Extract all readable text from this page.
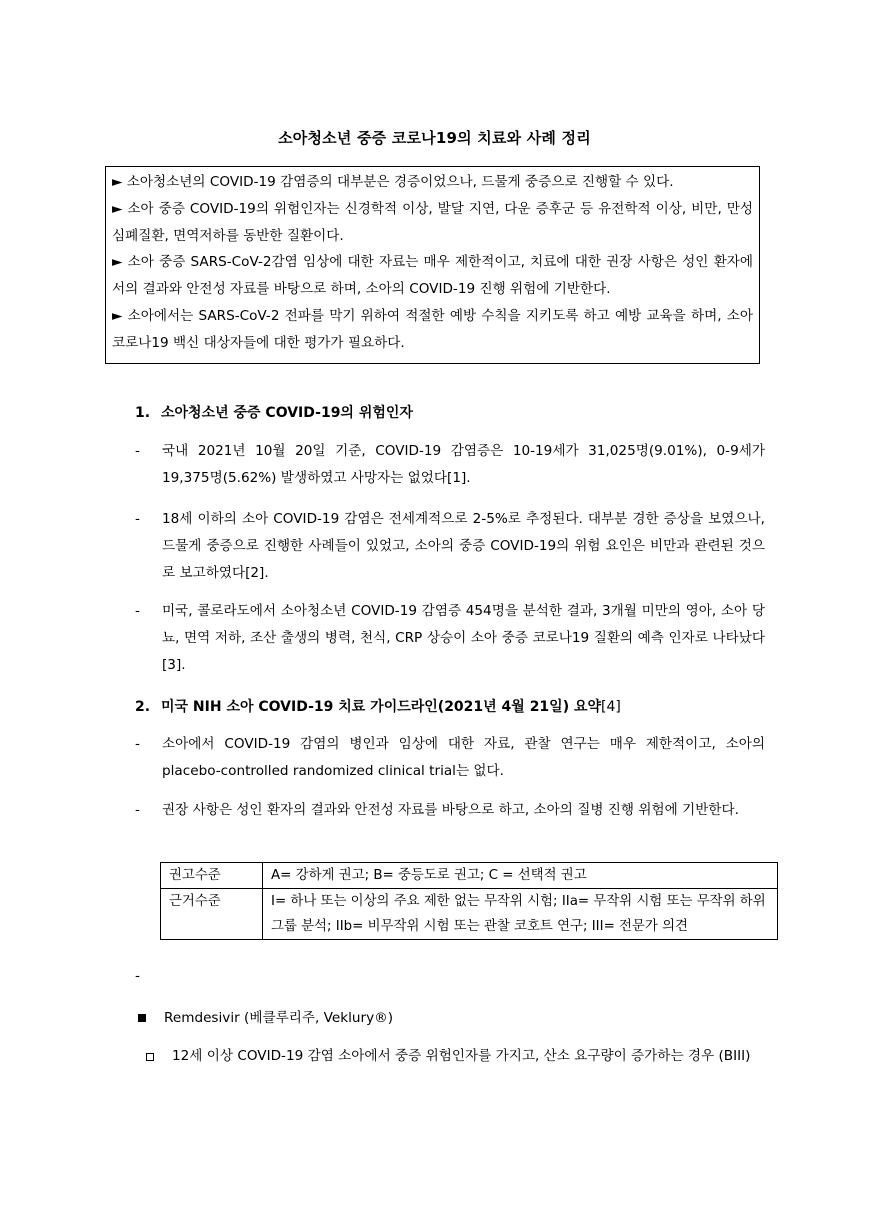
소아청소년 중증 코로나19의 치료와 사례 정리

► 소아청소년의 COVID-19 감염증의 대부분은 경증이었으나, 드물게 중증으로 진행할 수 있다.

► 소아 중증 COVID-19의 위험인자는 신경학적 이상, 발달 지연, 다운 증후군 등 유전학적 이상, 비만, 만성 심폐질환, 면역저하를 동반한 질환이다.

► 소아 중증 SARS-CoV-2감염 임상에 대한 자료는 매우 제한적이고, 치료에 대한 권장 사항은 성인 환자에서의 결과와 안전성 자료를 바탕으로 하며, 소아의 COVID-19 진행 위험에 기반한다.

► 소아에서는 SARS-CoV-2 전파를 막기 위하여 적절한 예방 수칙을 지키도록 하고 예방 교육을 하며, 소아 코로나19 백신 대상자들에 대한 평가가 필요하다.

1. 소아청소년 중증 COVID-19의 위험인자
-	국내 2021년 10월 20일 기준, COVID-19 감염증은 10-19세가 31,025명(9.01%), 0-9세가 19,375명(5.62%) 발생하였고 사망자는 없었다[1].
-	18세 이하의 소아 COVID-19 감염은 전세계적으로 2-5%로 추정된다. 대부분 경한 증상을 보였으나, 드물게 중증으로 진행한 사례들이 있었고, 소아의 중증 COVID-19의 위험 요인은 비만과 관련된 것으로 보고하였다[2].
-	미국, 콜로라도에서 소아청소년 COVID-19 감염증 454명을 분석한 결과, 3개월 미만의 영아, 소아 당뇨, 면역 저하, 조산 출생의 병력, 천식, CRP 상승이 소아 중증 코로나19 질환의 예측 인자로 나타났다[3].
2. 미국 NIH 소아 COVID-19 치료 가이드라인(2021년 4월 21일) 요약[4]
-	소아에서 COVID-19 감염의 병인과 임상에 대한 자료, 관찰 연구는 매우 제한적이고, 소아의 placebo-controlled randomized clinical trial는 없다.
-	권장 사항은 성인 환자의 결과와 안전성 자료를 바탕으로 하고, 소아의 질병 진행 위험에 기반한다.
권고수준	A= 강하게 권고; B= 중등도로 권고; C = 선택적 권고
근거수준	I= 하나 또는 이상의 주요 제한 없는 무작위 시험; IIa= 무작위 시험 또는 무작위 하위 그룹 분석; IIb= 비무작위 시험 또는 관찰 코호트 연구; III= 전문가 의견
-
Remdesivir (베클루리주, Veklury®)
12세 이상 COVID-19 감염 소아에서 중증 위험인자를 가지고, 산소 요구량이 증가하는 경우 (BIII)
